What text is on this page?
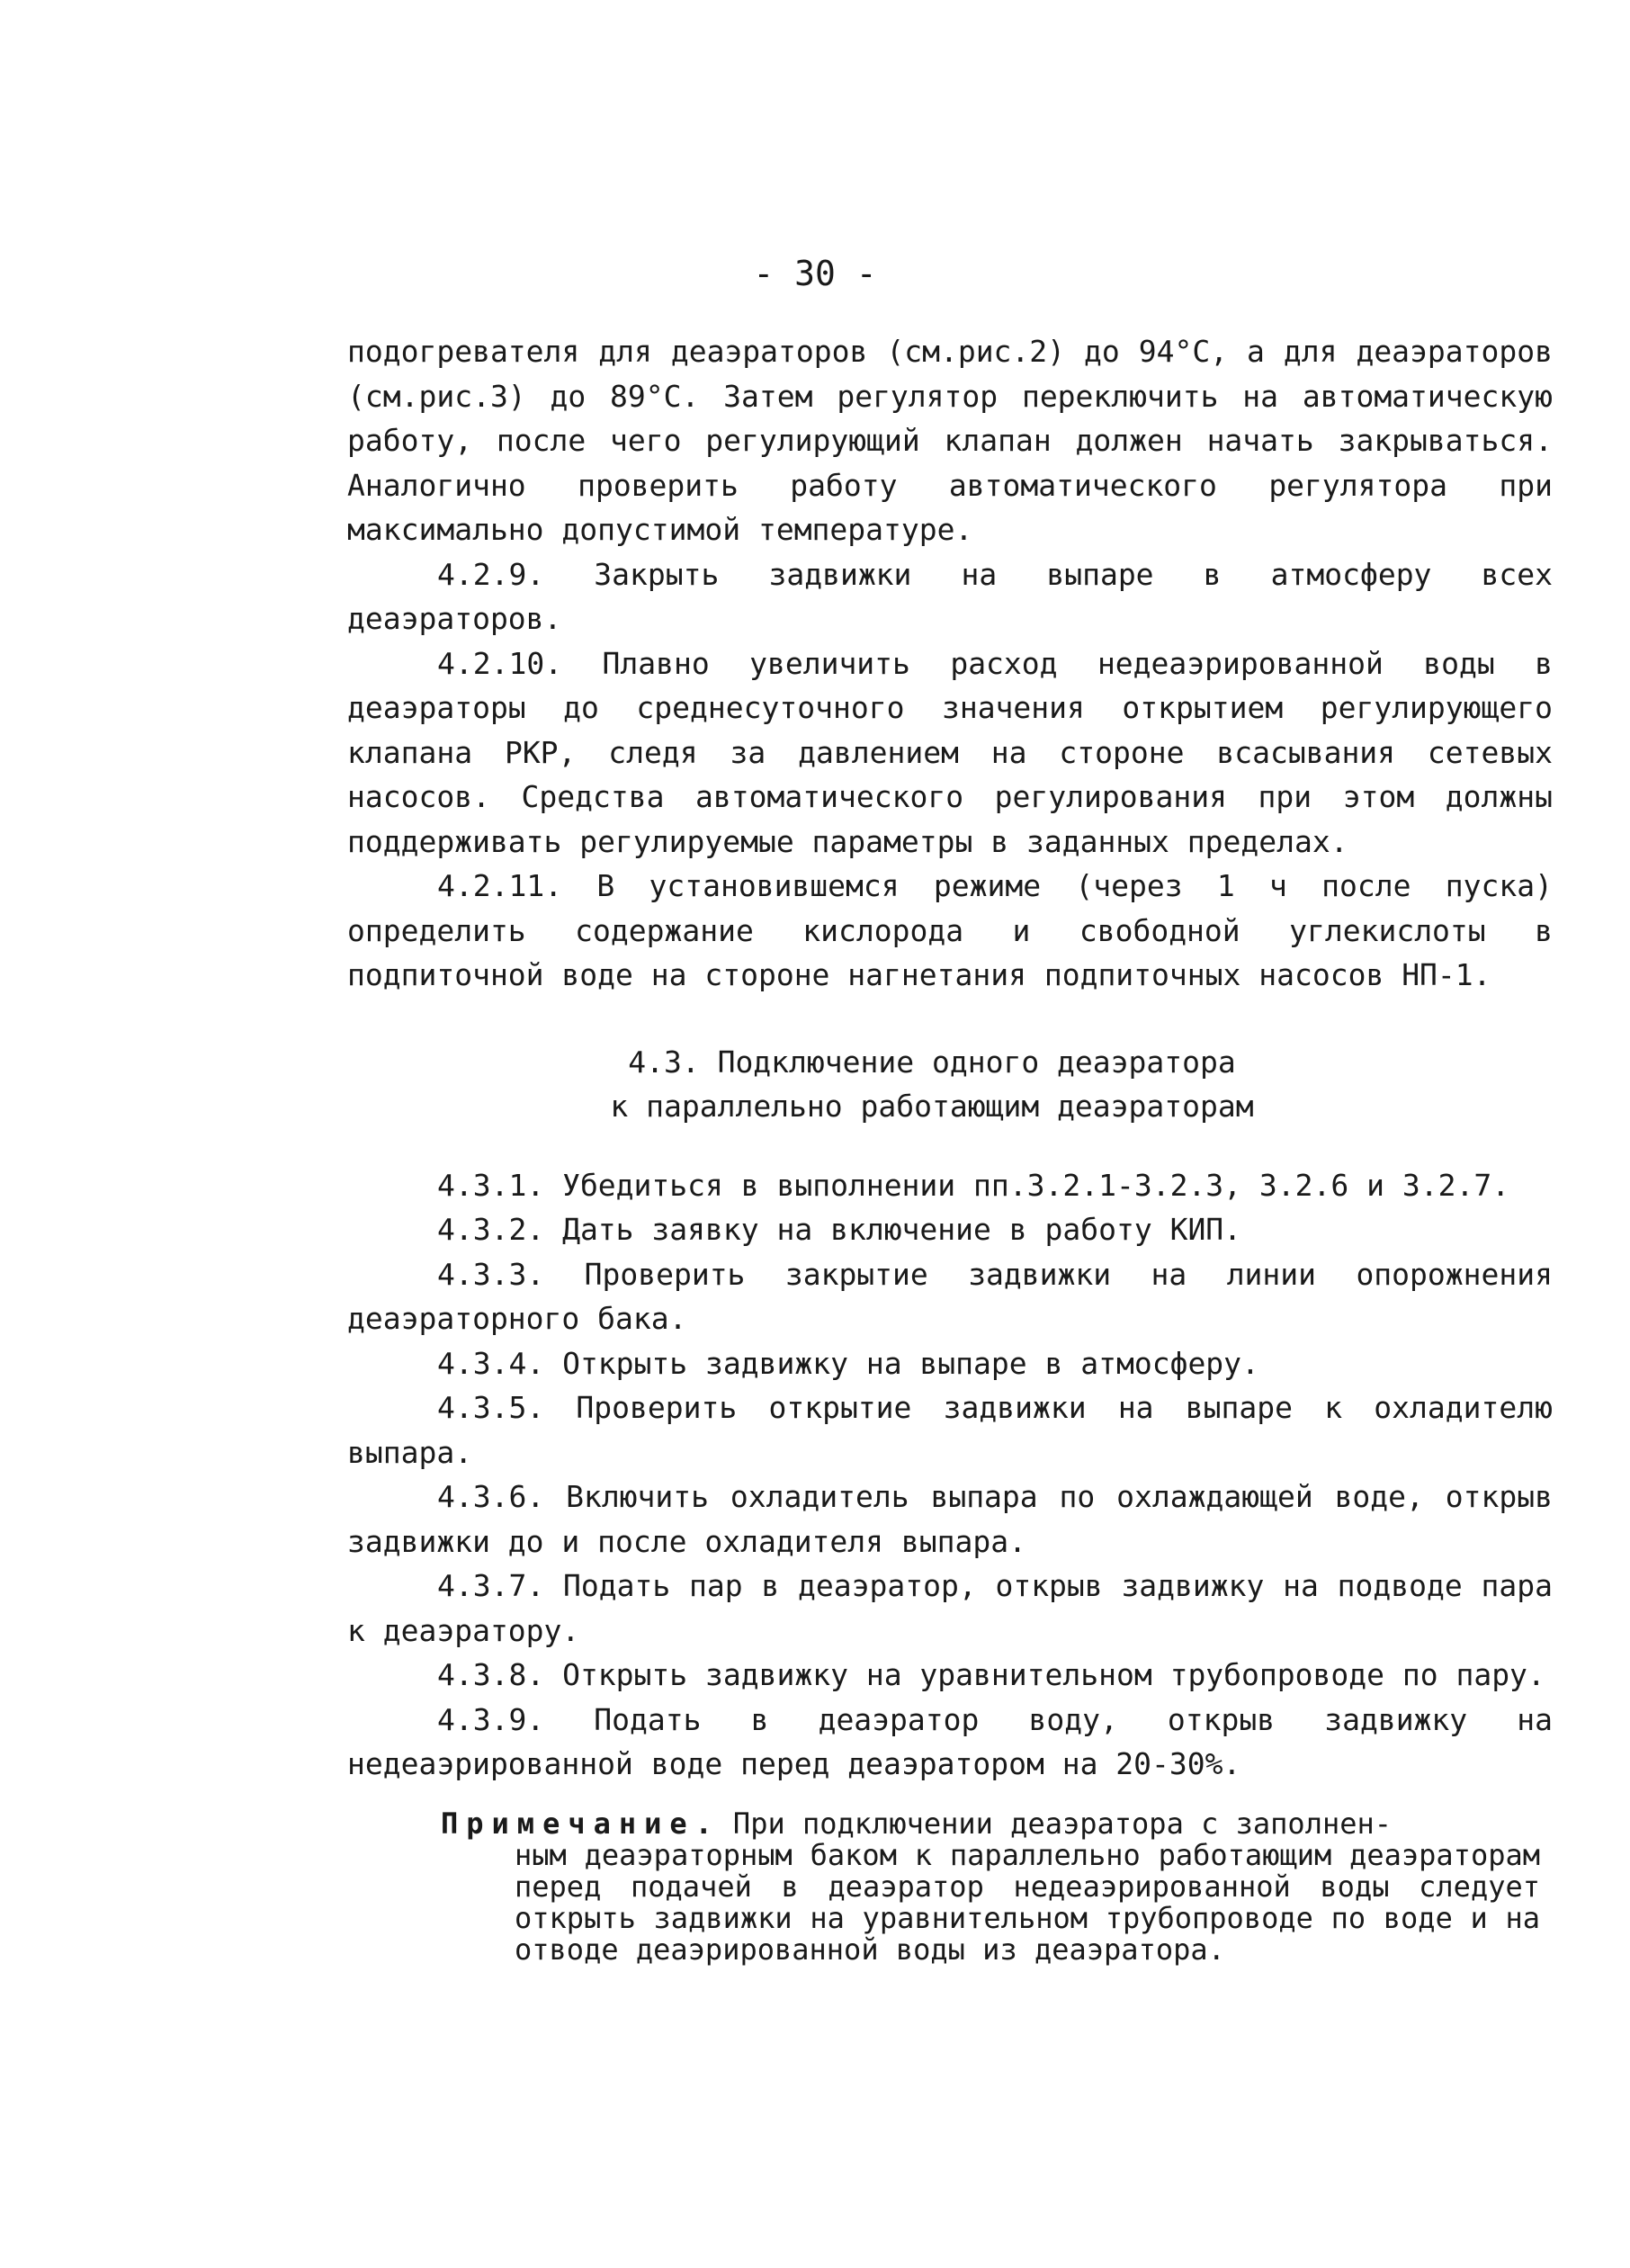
- 30 -

подогревателя для деаэраторов (см.рис.2) до 94°С, а для деаэраторов (см.рис.3) до 89°С. Затем регулятор переключить на автоматическую работу, после чего регулирующий клапан должен начать закрываться. Аналогично проверить работу автоматического регулятора при максимально допустимой температуре.

4.2.9. Закрыть задвижки на выпаре в атмосферу всех деаэраторов.

4.2.10. Плавно увеличить расход недеаэрированной воды в деаэраторы до среднесуточного значения открытием регулирующего клапана РКР, следя за давлением на стороне всасывания сетевых насосов. Средства автоматического регулирования при этом должны поддерживать регулируемые параметры в заданных пределах.

4.2.11. В установившемся режиме (через 1 ч после пуска) определить содержание кислорода и свободной углекислоты в подпиточной воде на стороне нагнетания подпиточных насосов НП-1.

4.3. Подключение одного деаэратора
к параллельно работающим деаэраторам

4.3.1. Убедиться в выполнении пп.3.2.1-3.2.3, 3.2.6 и 3.2.7.

4.3.2. Дать заявку на включение в работу КИП.

4.3.3. Проверить закрытие задвижки на линии опорожнения деаэраторного бака.

4.3.4. Открыть задвижку на выпаре в атмосферу.

4.3.5. Проверить открытие задвижки на выпаре к охладителю выпара.

4.3.6. Включить охладитель выпара по охлаждающей воде, открыв задвижки до и после охладителя выпара.

4.3.7. Подать пар в деаэратор, открыв задвижку на подводе пара к деаэратору.

4.3.8. Открыть задвижку на уравнительном трубопроводе по пару.

4.3.9. Подать в деаэратор воду, открыв задвижку на недеаэрированной воде перед деаэратором на 20-30%.

Примечание. При подключении деаэратора с заполнен-
ным деаэраторным баком к параллельно работающим деаэраторам перед подачей в деаэратор недеаэрированной воды следует открыть задвижки на уравнительном трубопроводе по воде и на отводе деаэрированной воды из деаэратора.
